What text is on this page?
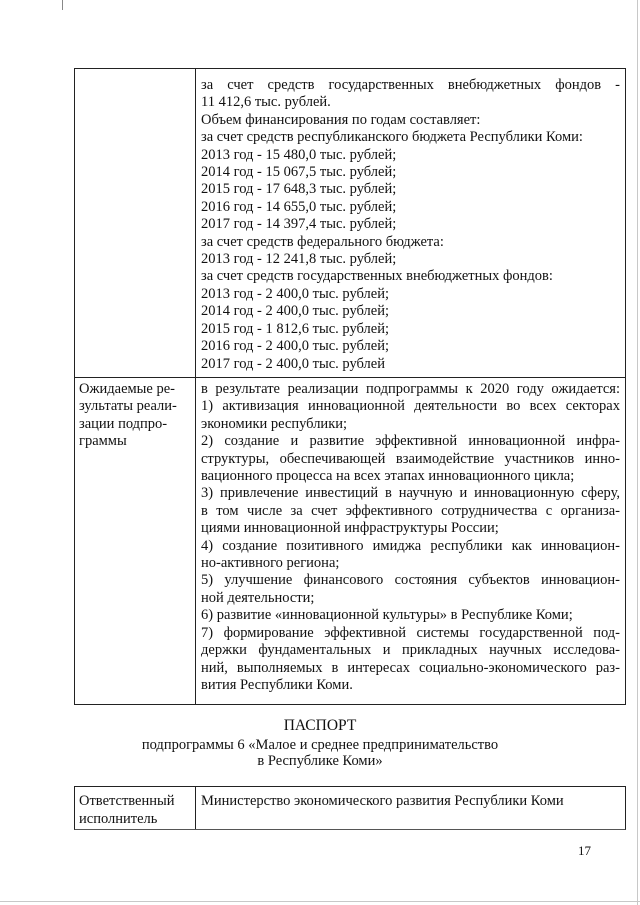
за счет средств государственных внебюджетных фондов -
11 412,6 тыс. рублей.
Объем финансирования по годам составляет:
за счет средств республиканского бюджета Республики Коми:
2013 год - 15 480,0 тыс. рублей;
2014 год - 15 067,5 тыс. рублей;
2015 год - 17 648,3 тыс. рублей;
2016 год - 14 655,0 тыс. рублей;
2017 год - 14 397,4 тыс. рублей;
за счет средств федерального бюджета:
2013 год - 12 241,8 тыс. рублей;
за счет средств государственных внебюджетных фондов:
2013 год - 2 400,0 тыс. рублей;
2014 год - 2 400,0 тыс. рублей;
2015 год - 1 812,6 тыс. рублей;
2016 год - 2 400,0 тыс. рублей;
2017 год - 2 400,0 тыс. рублей
Ожидаемые ре-
зультаты реали-
зации подпро-
граммы
в результате реализации подпрограммы к 2020 году ожидается:
1) активизация инновационной деятельности во всех секторах
экономики республики;
2) создание и развитие эффективной инновационной инфра-
структуры, обеспечивающей взаимодействие участников инно-
вационного процесса на всех этапах инновационного цикла;
3) привлечение инвестиций в научную и инновационную сферу,
в том числе за счет эффективного сотрудничества с организа-
циями инновационной инфраструктуры России;
4) создание позитивного имиджа республики как инновацион-
но-активного региона;
5) улучшение финансового состояния субъектов инновацион-
ной деятельности;
6) развитие «инновационной культуры» в Республике Коми;
7) формирование эффективной системы государственной под-
держки фундаментальных и прикладных научных исследова-
ний, выполняемых в интересах социально-экономического раз-
вития Республики Коми.
ПАСПОРТ
подпрограммы 6 «Малое и среднее предпринимательство
в Республике Коми»
Ответственный
исполнитель
Министерство экономического развития Республики Коми
17
